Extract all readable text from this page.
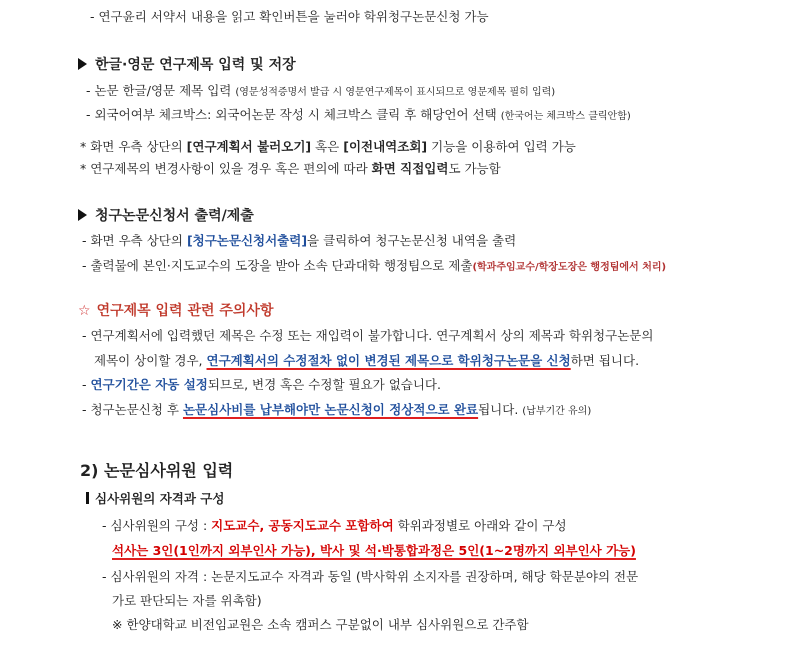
- 연구윤리 서약서 내용을 읽고 확인버튼을 눌러야 학위청구논문신청 가능
한글·영문 연구제목 입력 및 저장
- 논문 한글/영문 제목 입력 (영문성적증명서 발급 시 영문연구제목이 표시되므로 영문제목 필히 입력)
- 외국어여부 체크박스: 외국어논문 작성 시 체크박스 클릭 후 해당언어 선택 (한국어는 체크박스 클릭안함)
* 화면 우측 상단의 [연구계획서 불러오기] 혹은 [이전내역조회] 기능을 이용하여 입력 가능
* 연구제목의 변경사항이 있을 경우 혹은 편의에 따라 화면 직접입력도 가능함
청구논문신청서 출력/제출
- 화면 우측 상단의 [청구논문신청서출력]을 클릭하여 청구논문신청 내역을 출력
- 출력물에 본인·지도교수의 도장을 받아 소속 단과대학 행정팀으로 제출(학과주임교수/학장도장은 행정팀에서 처리)
☆ 연구제목 입력 관련 주의사항
- 연구계획서에 입력했던 제목은 수정 또는 재입력이 불가합니다. 연구계획서 상의 제목과 학위청구논문의
제목이 상이할 경우, 연구계획서의 수정절차 없이 변경된 제목으로 학위청구논문을 신청하면 됩니다.
- 연구기간은 자동 설정되므로, 변경 혹은 수정할 필요가 없습니다.
- 청구논문신청 후 논문심사비를 납부해야만 논문신청이 정상적으로 완료됩니다. (납부기간 유의)
2) 논문심사위원 입력
심사위원의 자격과 구성
- 심사위원의 구성 : 지도교수, 공동지도교수 포함하여 학위과정별로 아래와 같이 구성
석사는 3인(1인까지 외부인사 가능), 박사 및 석·박통합과정은 5인(1~2명까지 외부인사 가능)
- 심사위원의 자격 : 논문지도교수 자격과 동일 (박사학위 소지자를 권장하며, 해당 학문분야의 전문
가로 판단되는 자를 위촉함)
※ 한양대학교 비전임교원은 소속 캠퍼스 구분없이 내부 심사위원으로 간주함
